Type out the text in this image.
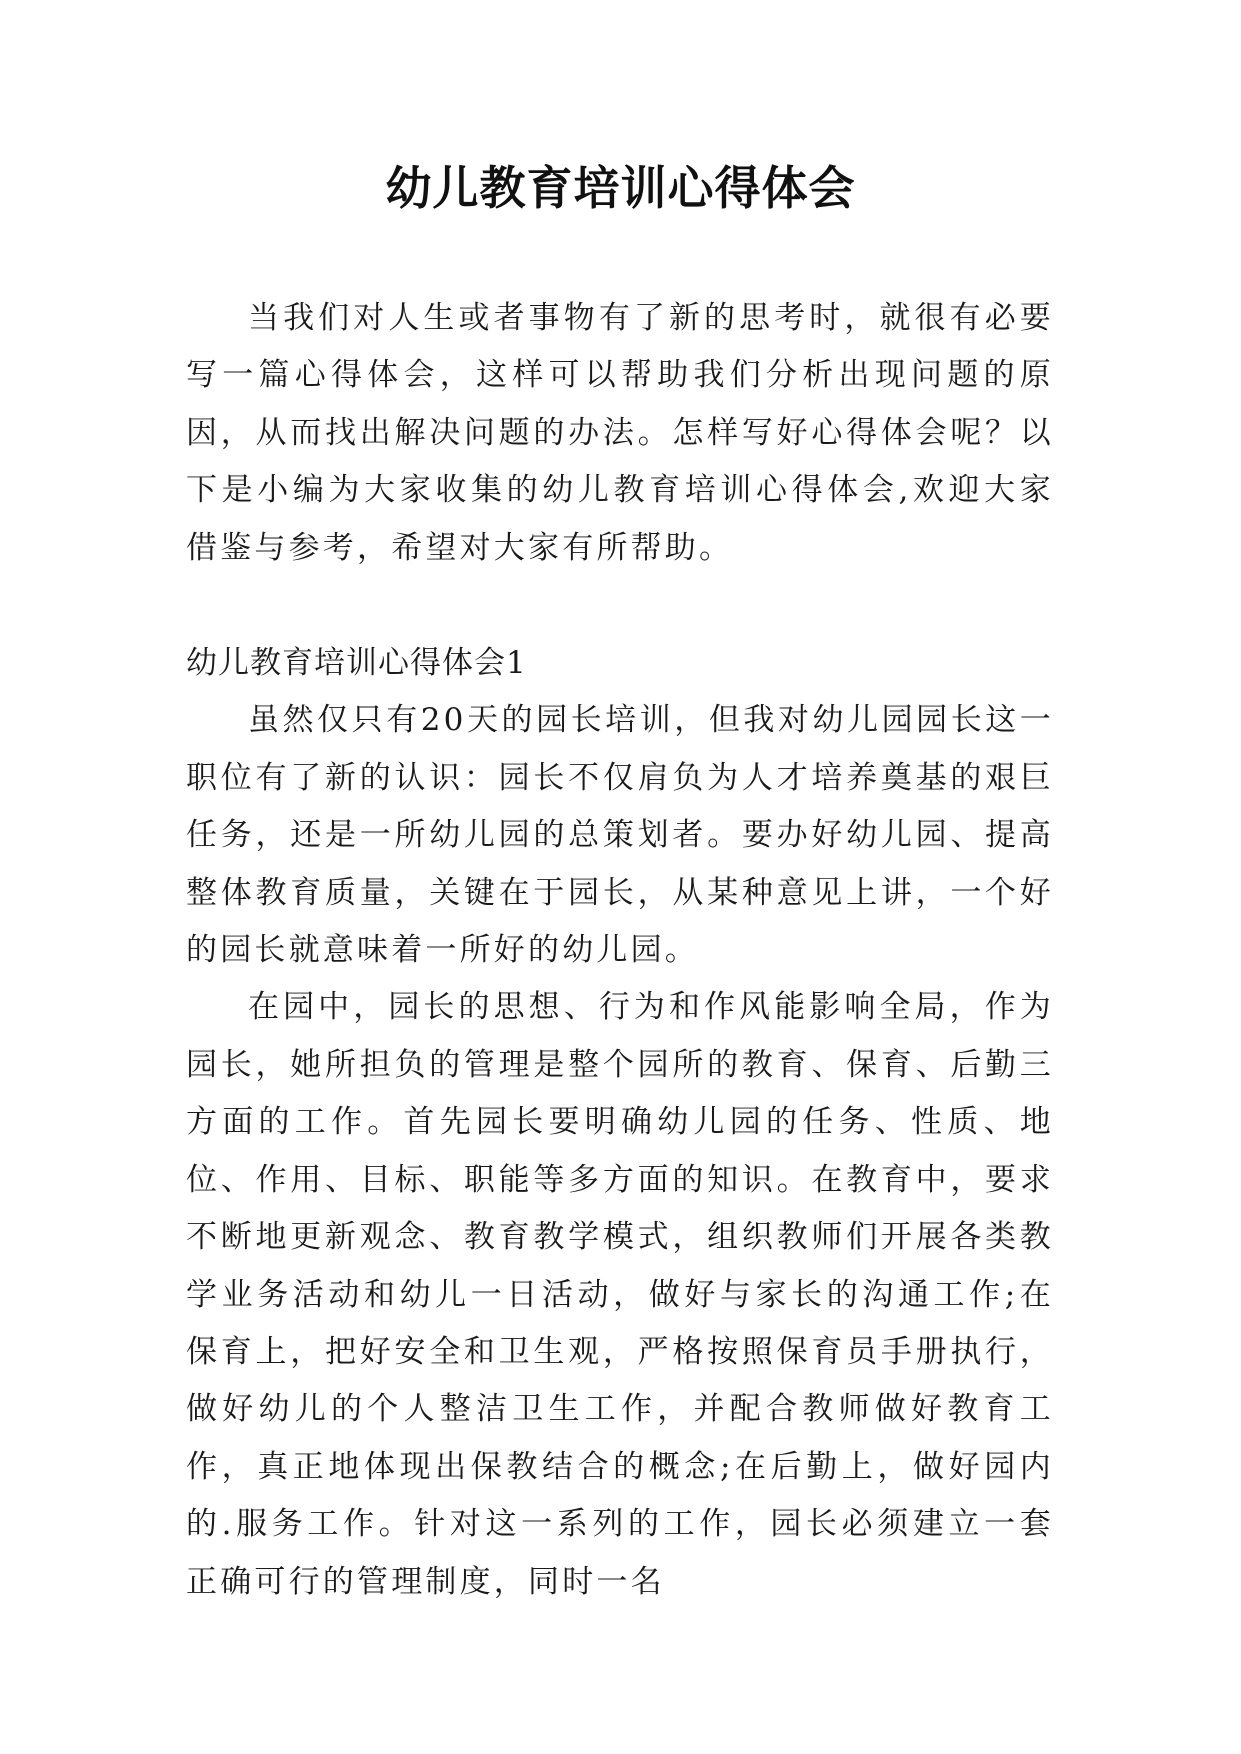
幼儿教育培训心得体会

当我们对人生或者事物有了新的思考时，就很有必要写一篇心得体会，这样可以帮助我们分析出现问题的原因，从而找出解决问题的办法。怎样写好心得体会呢？以下是小编为大家收集的幼儿教育培训心得体会,欢迎大家借鉴与参考，希望对大家有所帮助。

幼儿教育培训心得体会1

虽然仅只有20天的园长培训，但我对幼儿园园长这一职位有了新的认识：园长不仅肩负为人才培养奠基的艰巨任务，还是一所幼儿园的总策划者。要办好幼儿园、提高整体教育质量，关键在于园长，从某种意见上讲，一个好的园长就意味着一所好的幼儿园。

在园中，园长的思想、行为和作风能影响全局，作为园长，她所担负的管理是整个园所的教育、保育、后勤三方面的工作。首先园长要明确幼儿园的任务、性质、地位、作用、目标、职能等多方面的知识。在教育中，要求不断地更新观念、教育教学模式，组织教师们开展各类教学业务活动和幼儿一日活动，做好与家长的沟通工作;在保育上，把好安全和卫生观，严格按照保育员手册执行，做好幼儿的个人整洁卫生工作，并配合教师做好教育工作，真正地体现出保教结合的概念;在后勤上，做好园内的.服务工作。针对这一系列的工作，园长必须建立一套正确可行的管理制度，同时一名
